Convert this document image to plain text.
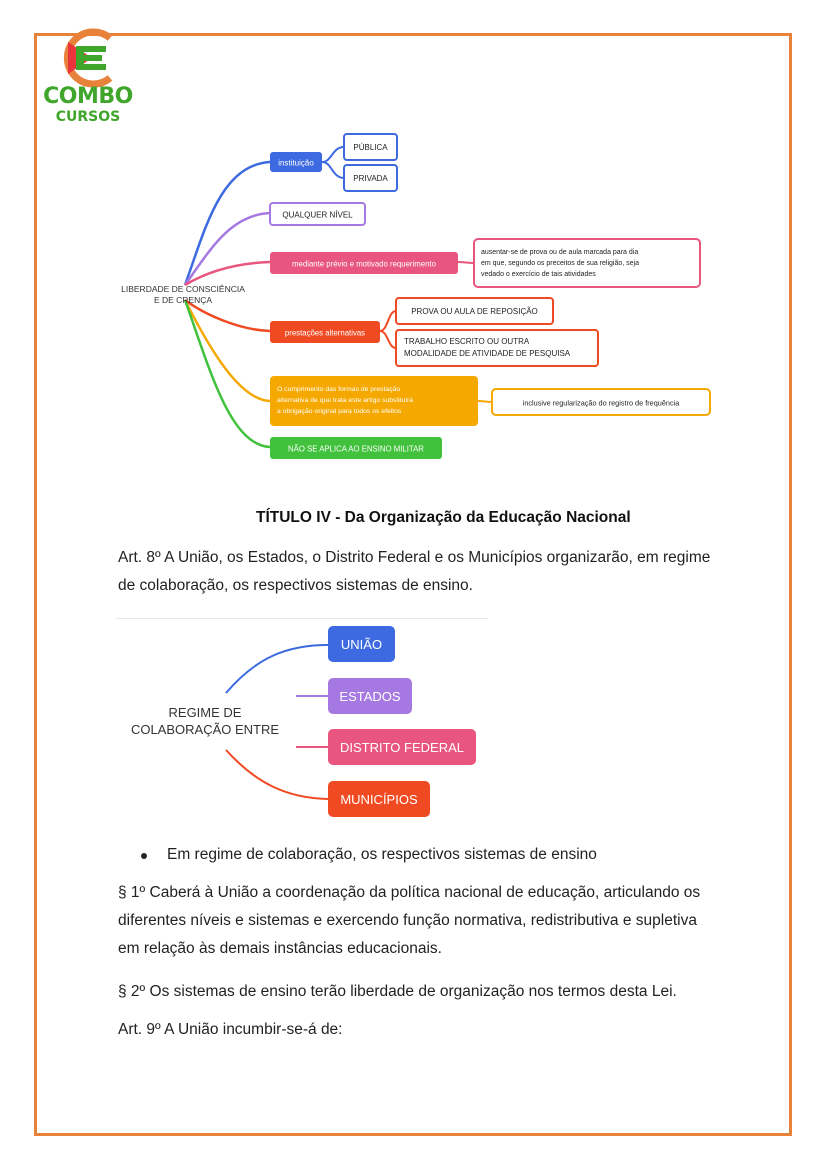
COMBO
CURSOS
LIBERDADE DE CONSCIÊNCIA
E DE CRENÇA
instituição
PÚBLICA
PRIVADA
QUALQUER NÍVEL
mediante prévio e motivado requerimento
ausentar-se de prova ou de aula marcada para dia
em que, segundo os preceitos de sua religião, seja
vedado o exercício de tais atividades
prestações alternativas
PROVA OU AULA DE REPOSIÇÃO
TRABALHO ESCRITO OU OUTRA
MODALIDADE DE ATIVIDADE DE PESQUISA
O cumprimento das formas de prestação
alternativa de que trata este artigo substituirá
a obrigação original para todos os efeitos
inclusive regularização do registro de frequência
NÃO SE APLICA AO ENSINO MILITAR
TÍTULO IV - Da Organização da Educação Nacional
Art. 8º A União, os Estados, o Distrito Federal e os Municípios organizarão, em regime
de colaboração, os respectivos sistemas de ensino.
REGIME DE
COLABORAÇÃO ENTRE
UNIÃO
ESTADOS
DISTRITO FEDERAL
MUNICÍPIOS
Em regime de colaboração, os respectivos sistemas de ensino
§ 1º Caberá à União a coordenação da política nacional de educação, articulando os
diferentes níveis e sistemas e exercendo função normativa, redistributiva e supletiva
em relação às demais instâncias educacionais.
§ 2º Os sistemas de ensino terão liberdade de organização nos termos desta Lei.
Art. 9º A União incumbir-se-á de:
